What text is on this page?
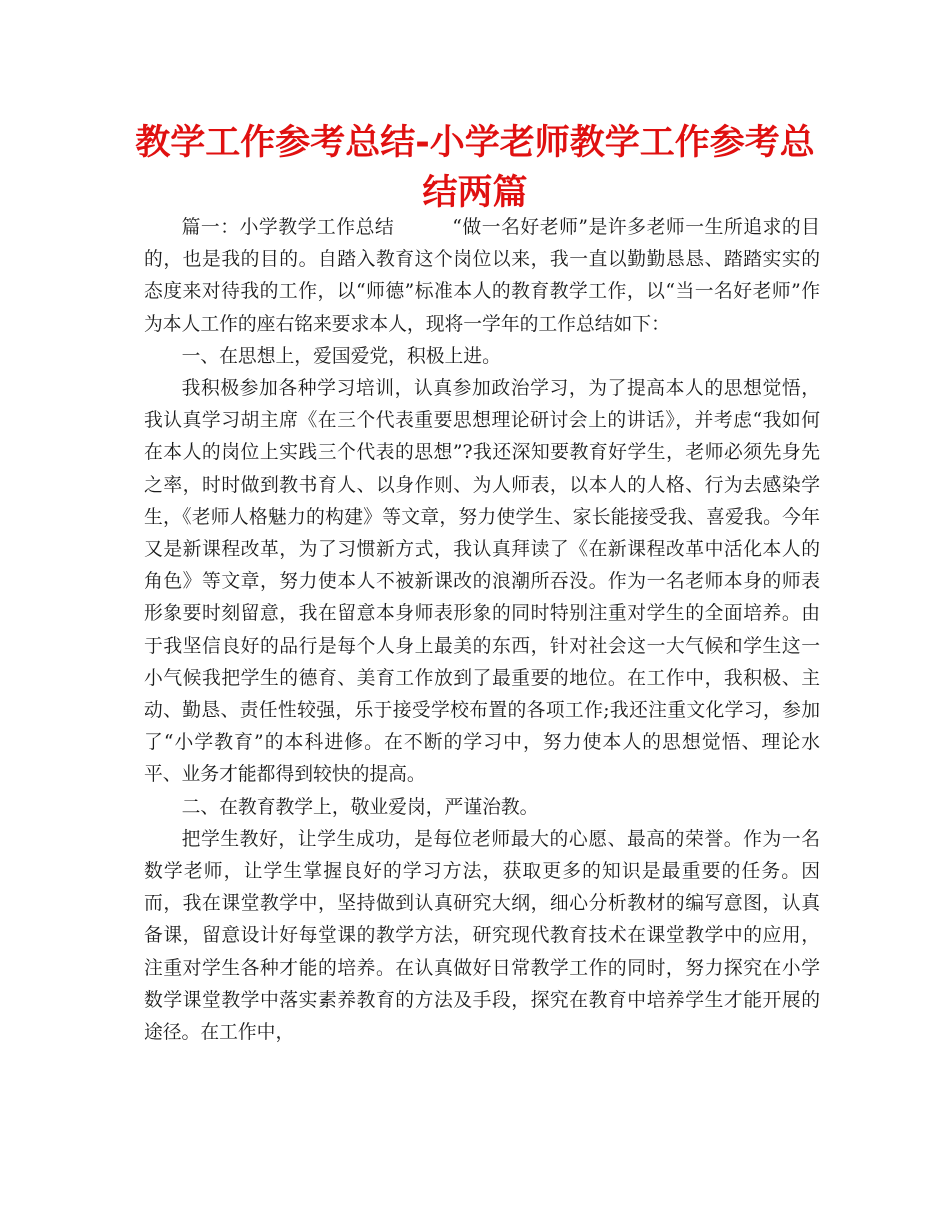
教学工作参考总结-小学老师教学工作参考总结两篇

篇一：小学教学工作总结	“做一名好老师”是许多老师一生所追求的目的，也是我的目的。自踏入教育这个岗位以来，我一直以勤勤恳恳、踏踏实实的态度来对待我的工作，以“师德”标准本人的教育教学工作，以“当一名好老师”作为本人工作的座右铭来要求本人，现将一学年的工作总结如下：

一、在思想上，爱国爱党，积极上进。

我积极参加各种学习培训，认真参加政治学习，为了提高本人的思想觉悟，我认真学习胡主席《在三个代表重要思想理论研讨会上的讲话》，并考虑“我如何在本人的岗位上实践三个代表的思想”?我还深知要教育好学生，老师必须先身先之率，时时做到教书育人、以身作则、为人师表，以本人的人格、行为去感染学生，《老师人格魅力的构建》等文章，努力使学生、家长能接受我、喜爱我。今年又是新课程改革，为了习惯新方式，我认真拜读了《在新课程改革中活化本人的角色》等文章，努力使本人不被新课改的浪潮所吞没。作为一名老师本身的师表形象要时刻留意，我在留意本身师表形象的同时特别注重对学生的全面培养。由于我坚信良好的品行是每个人身上最美的东西，针对社会这一大气候和学生这一小气候我把学生的德育、美育工作放到了最重要的地位。在工作中，我积极、主动、勤恳、责任性较强，乐于接受学校布置的各项工作;我还注重文化学习，参加了“小学教育”的本科进修。在不断的学习中，努力使本人的思想觉悟、理论水平、业务才能都得到较快的提高。

二、在教育教学上，敬业爱岗，严谨治教。

把学生教好，让学生成功，是每位老师最大的心愿、最高的荣誉。作为一名数学老师，让学生掌握良好的学习方法，获取更多的知识是最重要的任务。因而，我在课堂教学中，坚持做到认真研究大纲，细心分析教材的编写意图，认真备课，留意设计好每堂课的教学方法，研究现代教育技术在课堂教学中的应用，注重对学生各种才能的培养。在认真做好日常教学工作的同时，努力探究在小学数学课堂教学中落实素养教育的方法及手段，探究在教育中培养学生才能开展的途径。在工作中，
